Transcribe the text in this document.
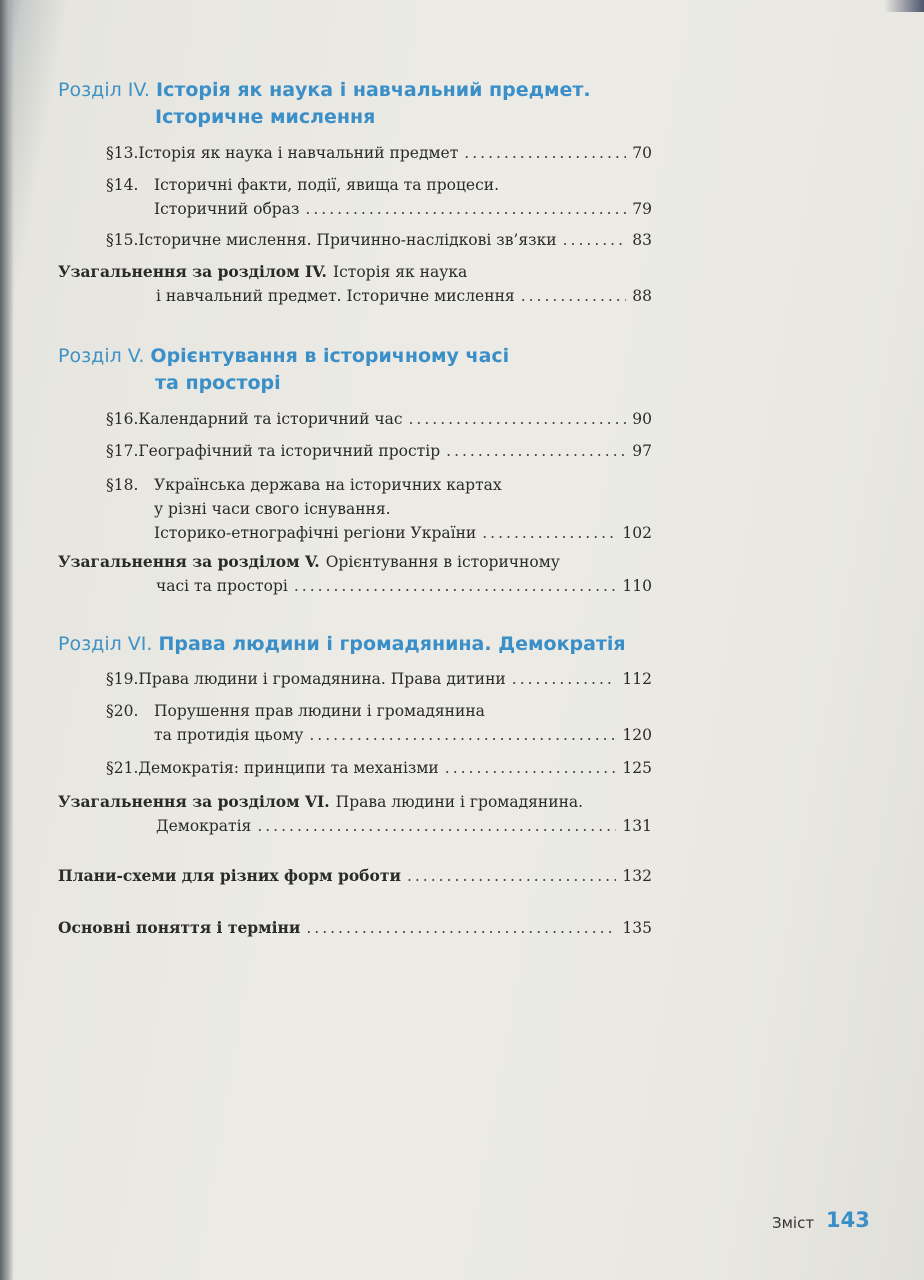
Розділ IV. Історія як наука і навчальний предмет.
Історичне мислення
§13. Історія як наука і навчальний предмет .....	70
§14.	Історичні факти, події, явища та процеси.
Історичний образ .....	79
§15. Історичне мислення. Причинно-наслідкові зв’язки .....	83
Узагальнення за розділом IV. Історія як наука
і навчальний предмет. Історичне мислення .....	88
Розділ V. Орієнтування в історичному часі
та просторі
§16. Календарний та історичний час .....	90
§17. Географічний та історичний простір .....	97
§18.	Українська держава на історичних картах
у різні часи свого існування.
Історико-етнографічні регіони України .....	102
Узагальнення за розділом V. Орієнтування в історичному
часі та просторі .....	110
Розділ VI. Права людини і громадянина. Демократія
§19. Права людини і громадянина. Права дитини .....	112
§20.	Порушення прав людини і громадянина
та протидія цьому .....	120
§21. Демократія: принципи та механізми .....	125
Узагальнення за розділом VI. Права людини і громадянина.
Демократія .....	131
Плани-схеми для різних форм роботи .....	132
Основні поняття і терміни .....	135
Зміст 143
